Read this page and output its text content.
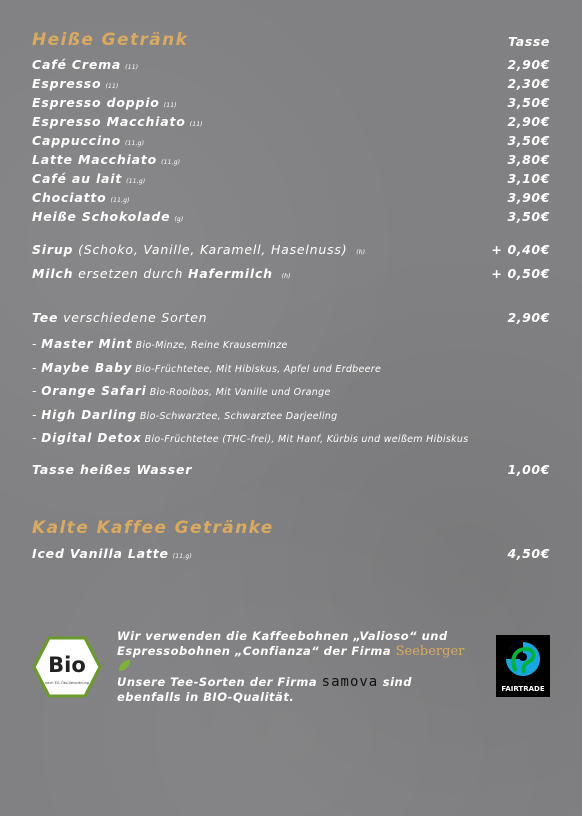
Heiße Getränk	Tasse
Café Crema (11)	2,90€
Espresso (11)	2,30€
Espresso doppio (11)	3,50€
Espresso Macchiato (11)	2,90€
Cappuccino (11,g)	3,50€
Latte Macchiato (11,g)	3,80€
Café au lait (11,g)	3,10€
Chociatto (11,g)	3,90€
Heiße Schokolade (g)	3,50€
Sirup (Schoko, Vanille, Karamell, Haselnuss) (h)	+ 0,40€
Milch ersetzen durch Hafermilch (h)	+ 0,50€
Tee verschiedene Sorten	2,90€
- Master Mint Bio-Minze, Reine Krauseminze
- Maybe Baby Bio-Früchtetee, Mit Hibiskus, Apfel und Erdbeere
- Orange Safari Bio-Rooibos, Mit Vanille und Orange
- High Darling Bio-Schwarztee, Schwarztee Darjeeling
- Digital Detox Bio-Früchtetee (THC-frei), Mit Hanf, Kürbis und weißem Hibiskus
Tasse heißes Wasser	1,00€
Kalte Kaffee Getränke
Iced Vanilla Latte (11,g)	4,50€
Bio
nach EG-Öko-Verordnung
Wir verwenden die Kaffeebohnen „Valioso“ und
Espressobohnen „Confianza“ der Firma Seeberger
Unsere Tee-Sorten der Firma samova sind
ebenfalls in BIO-Qualität.
FAIRTRADE
